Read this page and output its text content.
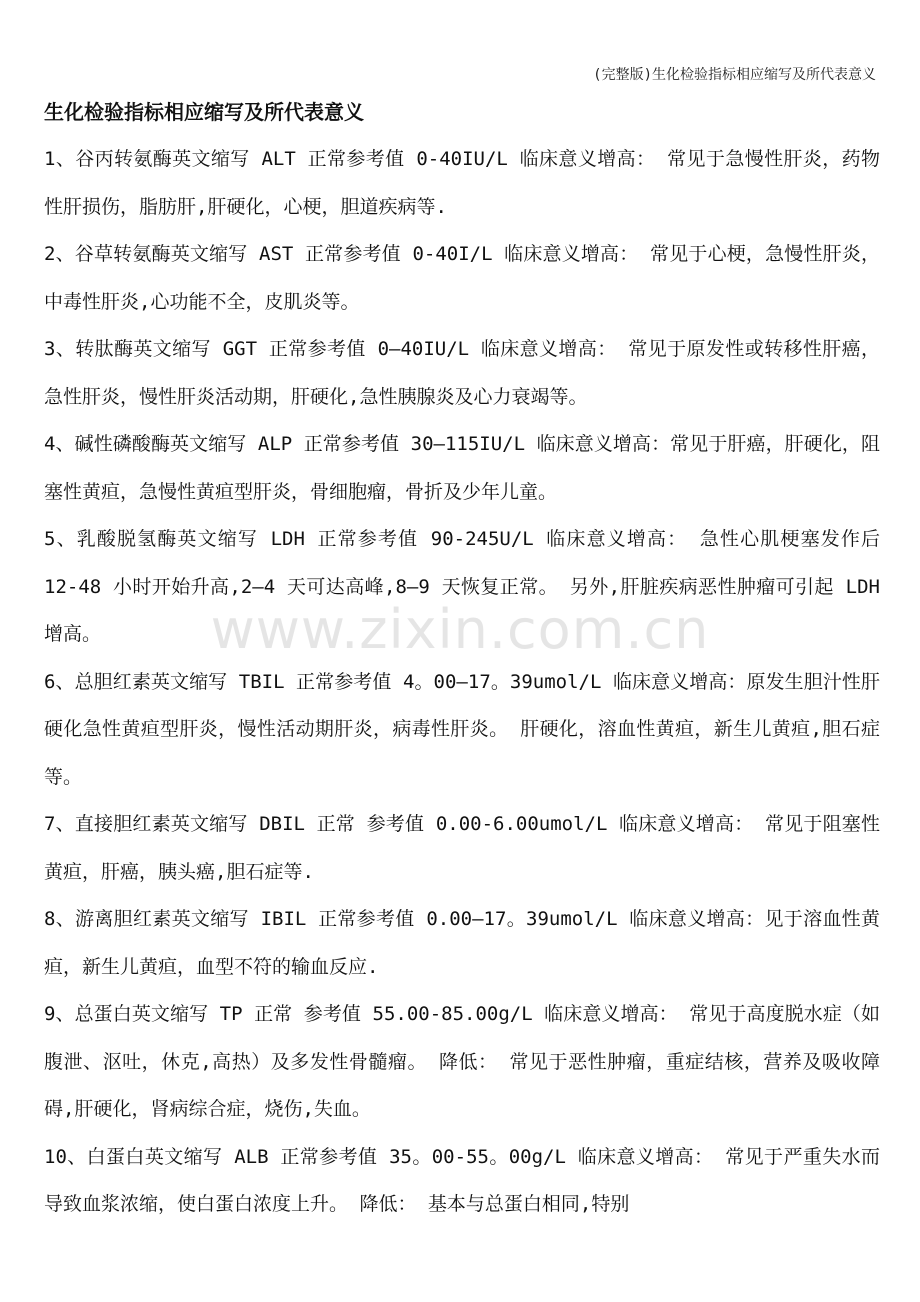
(完整版)生化检验指标相应缩写及所代表意义
生化检验指标相应缩写及所代表意义

1、谷丙转氨酶英文缩写 ALT 正常参考值 0-40IU/L 临床意义增高： 常见于急慢性肝炎，药物性肝损伤，脂肪肝,肝硬化，心梗，胆道疾病等.

2、谷草转氨酶英文缩写 AST 正常参考值 0-40I/L 临床意义增高： 常见于心梗，急慢性肝炎，中毒性肝炎,心功能不全，皮肌炎等。

3、转肽酶英文缩写 GGT 正常参考值 0—40IU/L 临床意义增高： 常见于原发性或转移性肝癌，急性肝炎，慢性肝炎活动期，肝硬化,急性胰腺炎及心力衰竭等。

4、碱性磷酸酶英文缩写 ALP 正常参考值 30—115IU/L 临床意义增高：常见于肝癌，肝硬化，阻塞性黄疸，急慢性黄疸型肝炎，骨细胞瘤，骨折及少年儿童。

5、乳酸脱氢酶英文缩写 LDH 正常参考值 90-245U/L 临床意义增高： 急性心肌梗塞发作后 12-48 小时开始升高,2—4 天可达高峰,8—9 天恢复正常。 另外,肝脏疾病恶性肿瘤可引起 LDH 增高。

6、总胆红素英文缩写 TBIL 正常参考值 4。00—17。39umol/L 临床意义增高：原发生胆汁性肝硬化急性黄疸型肝炎，慢性活动期肝炎，病毒性肝炎。 肝硬化，溶血性黄疸，新生儿黄疸,胆石症等。

7、直接胆红素英文缩写 DBIL 正常 参考值 0.00-6.00umol/L 临床意义增高： 常见于阻塞性黄疸，肝癌，胰头癌,胆石症等.

8、游离胆红素英文缩写 IBIL 正常参考值 0.00—17。39umol/L 临床意义增高：见于溶血性黄疸，新生儿黄疸，血型不符的输血反应.

9、总蛋白英文缩写 TP 正常 参考值 55.00-85.00g/L 临床意义增高： 常见于高度脱水症（如腹泄、沤吐，休克,高热）及多发性骨髓瘤。 降低： 常见于恶性肿瘤，重症结核，营养及吸收障碍,肝硬化，肾病综合症，烧伤,失血。

10、白蛋白英文缩写 ALB 正常参考值 35。00-55。00g/L 临床意义增高： 常见于严重失水而导致血浆浓缩，使白蛋白浓度上升。 降低： 基本与总蛋白相同,特别

www.zixin.com.cn
